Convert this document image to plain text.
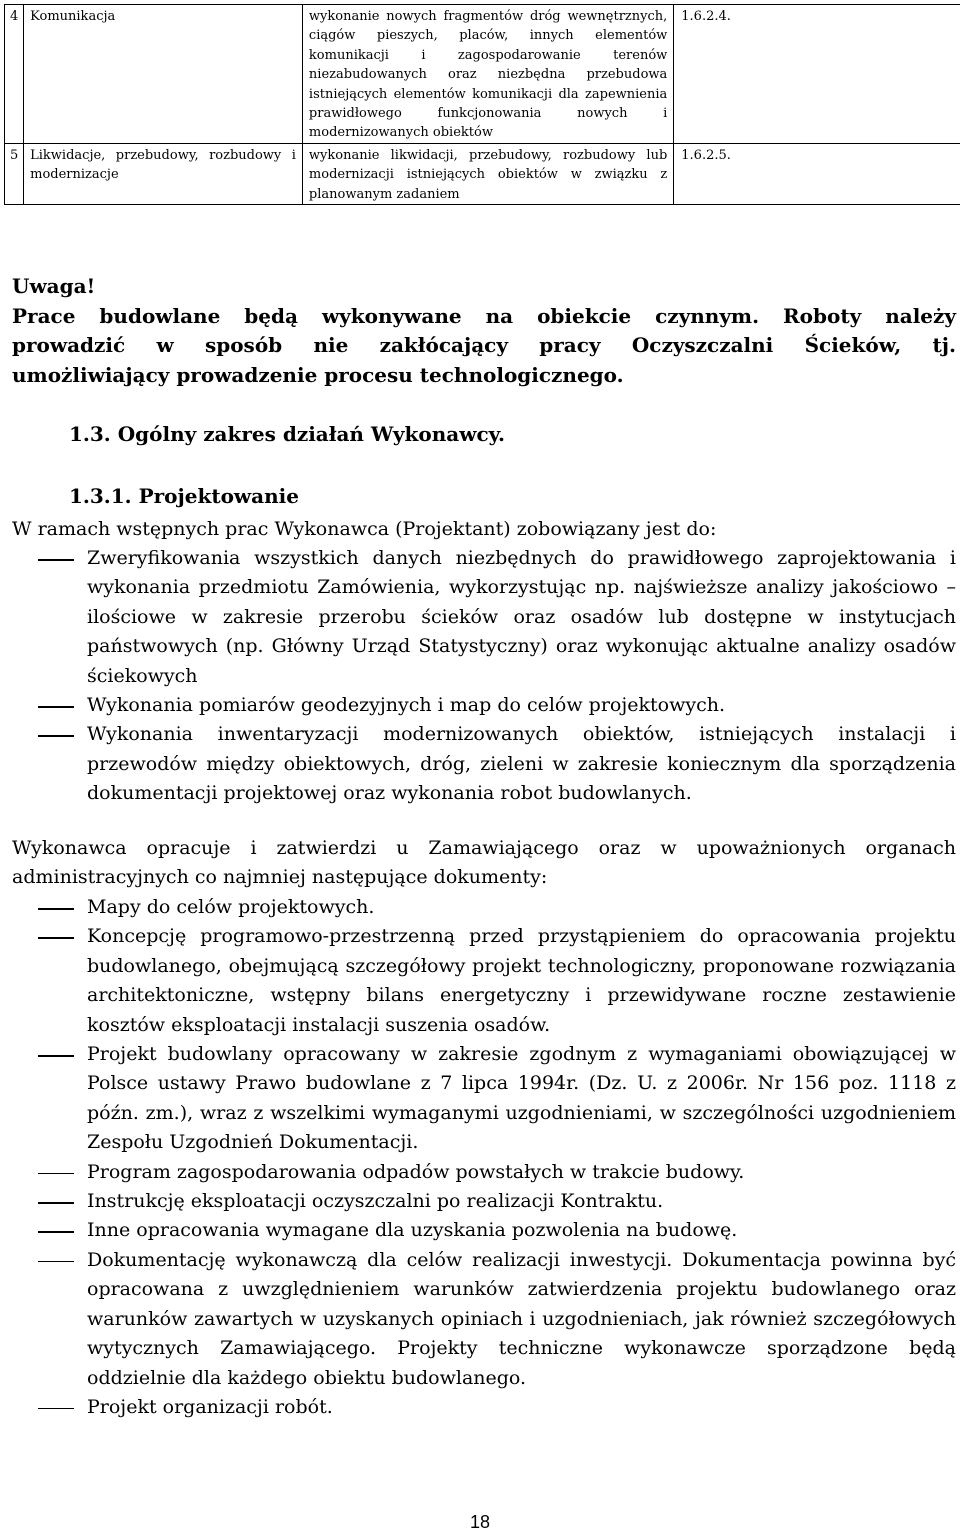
4	Komunikacja	wykonanie nowych fragmentów dróg wewnętrznych, ciągów pieszych, placów, innych elementów komunikacji i zagospodarowanie terenów niezabudowanych oraz niezbędna przebudowa istniejących elementów komunikacji dla zapewnienia prawidłowego funkcjonowania nowych i modernizowanych obiektów	1.6.2.4.
5	Likwidacje, przebudowy, rozbudowy i modernizacje	wykonanie likwidacji, przebudowy, rozbudowy lub modernizacji istniejących obiektów w związku z planowanym zadaniem	1.6.2.5.
Uwaga!
Prace budowlane będą wykonywane na obiekcie czynnym. Roboty należy
prowadzić w sposób nie zakłócający pracy Oczyszczalni Ścieków, tj.
umożliwiający prowadzenie procesu technologicznego.
1.3. Ogólny zakres działań Wykonawcy.
1.3.1. Projektowanie
W ramach wstępnych prac Wykonawca (Projektant) zobowiązany jest do:
Zweryfikowania wszystkich danych niezbędnych do prawidłowego zaprojektowania i wykonania przedmiotu Zamówienia, wykorzystując np. najświeższe analizy jakościowo – ilościowe w zakresie przerobu ścieków oraz osadów lub dostępne w instytucjach państwowych (np. Główny Urząd Statystyczny) oraz wykonując aktualne analizy osadów ściekowych
Wykonania pomiarów geodezyjnych i map do celów projektowych.
Wykonania inwentaryzacji modernizowanych obiektów, istniejących instalacji i przewodów między obiektowych, dróg, zieleni w zakresie koniecznym dla sporządzenia dokumentacji projektowej oraz wykonania robot budowlanych.
Wykonawca opracuje i zatwierdzi u Zamawiającego oraz w upoważnionych organach administracyjnych co najmniej następujące dokumenty:
Mapy do celów projektowych.
Koncepcję programowo-przestrzenną przed przystąpieniem do opracowania projektu budowlanego, obejmującą szczegółowy projekt technologiczny, proponowane rozwiązania architektoniczne, wstępny bilans energetyczny i przewidywane roczne zestawienie kosztów eksploatacji instalacji suszenia osadów.
Projekt budowlany opracowany w zakresie zgodnym z wymaganiami obowiązującej w Polsce ustawy Prawo budowlane z 7 lipca 1994r. (Dz. U. z 2006r. Nr 156 poz. 1118 z późn. zm.), wraz z wszelkimi wymaganymi uzgodnieniami, w szczególności uzgodnieniem Zespołu Uzgodnień Dokumentacji.
Program zagospodarowania odpadów powstałych w trakcie budowy.
Instrukcję eksploatacji oczyszczalni po realizacji Kontraktu.
Inne opracowania wymagane dla uzyskania pozwolenia na budowę.
Dokumentację wykonawczą dla celów realizacji inwestycji. Dokumentacja powinna być opracowana z uwzględnieniem warunków zatwierdzenia projektu budowlanego oraz warunków zawartych w uzyskanych opiniach i uzgodnieniach, jak również szczegółowych wytycznych Zamawiającego. Projekty techniczne wykonawcze sporządzone będą oddzielnie dla każdego obiektu budowlanego.
Projekt organizacji robót.
18
